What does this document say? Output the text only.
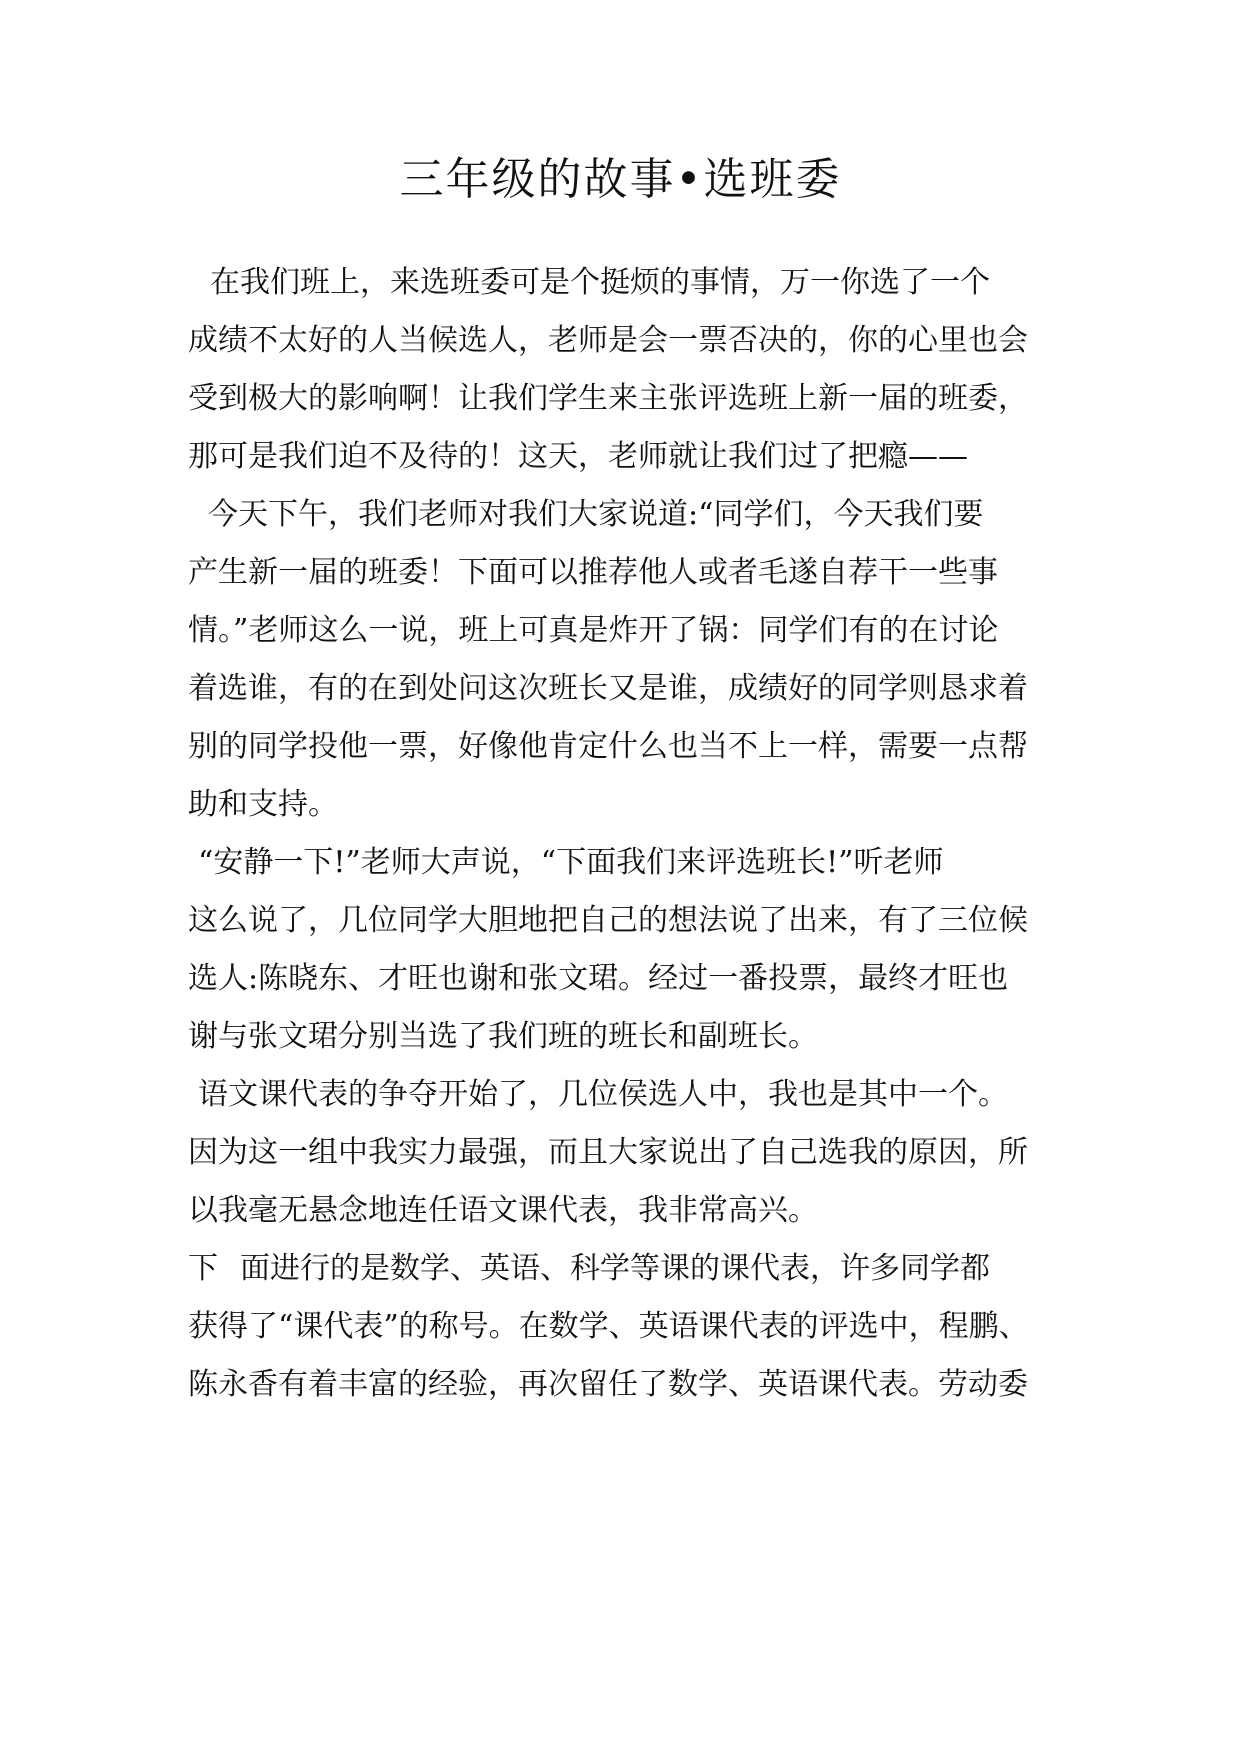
三年级的故事•选班委

在我们班上，来选班委可是个挺烦的事情，万一你选了一个

成绩不太好的人当候选人，老师是会一票否决的，你的心里也会

受到极大的影响啊！让我们学生来主张评选班上新一届的班委，

那可是我们迫不及待的！这天，老师就让我们过了把瘾——

今天下午，我们老师对我们大家说道:“同学们，今天我们要

产生新一届的班委！下面可以推荐他人或者毛遂自荐干一些事

情。”老师这么一说，班上可真是炸开了锅：同学们有的在讨论

着选谁，有的在到处问这次班长又是谁，成绩好的同学则恳求着

别的同学投他一票，好像他肯定什么也当不上一样，需要一点帮

助和支持。

“安静一下!”老师大声说，“下面我们来评选班长!”听老师

这么说了，几位同学大胆地把自己的想法说了出来，有了三位候

选人:陈晓东、才旺也谢和张文珺。经过一番投票，最终才旺也

谢与张文珺分别当选了我们班的班长和副班长。

语文课代表的争夺开始了，几位侯选人中，我也是其中一个。

因为这一组中我实力最强，而且大家说出了自己选我的原因，所

以我毫无悬念地连任语文课代表，我非常高兴。

下 面进行的是数学、英语、科学等课的课代表，许多同学都

获得了“课代表”的称号。在数学、英语课代表的评选中，程鹏、

陈永香有着丰富的经验，再次留任了数学、英语课代表。劳动委
